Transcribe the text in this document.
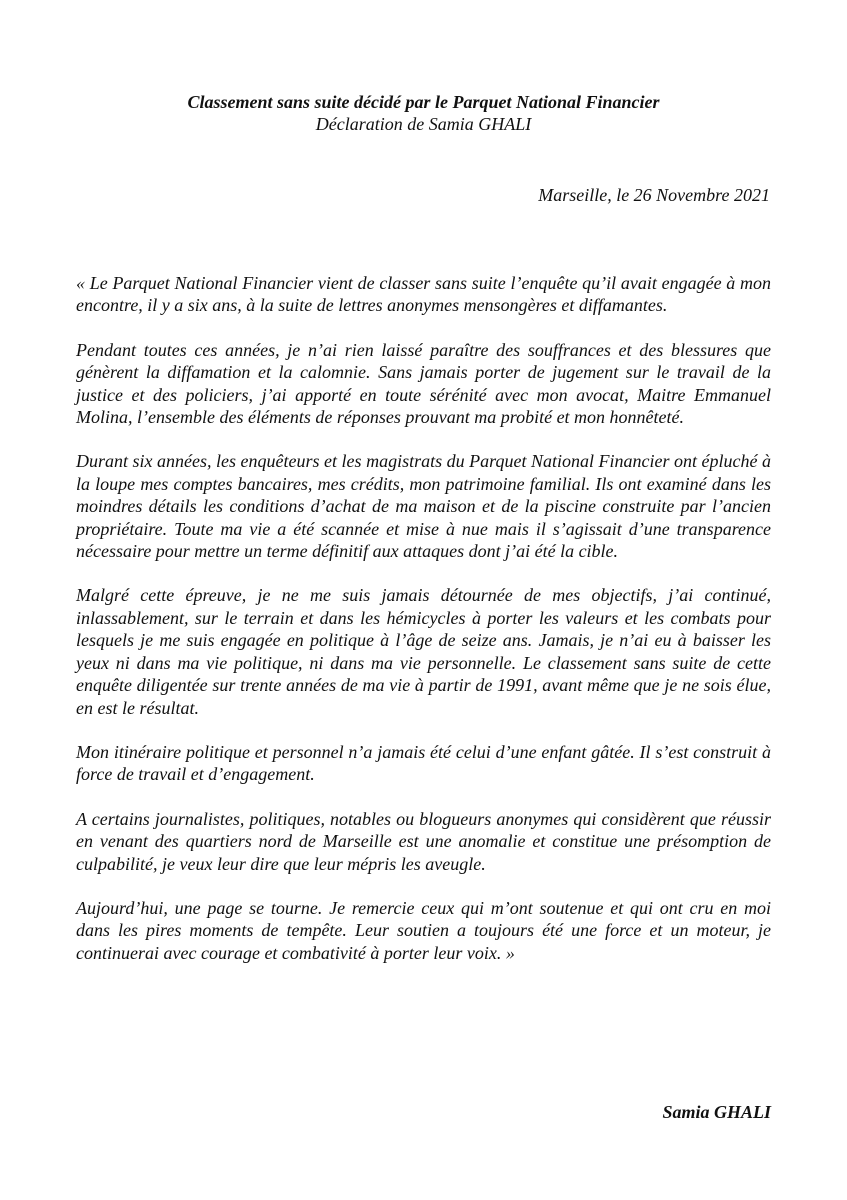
Classement sans suite décidé par le Parquet National Financier
Déclaration de Samia GHALI
Marseille, le 26 Novembre 2021

« Le Parquet National Financier vient de classer sans suite l’enquête qu’il avait engagée à mon encontre, il y a six ans, à la suite de lettres anonymes mensongères et diffamantes.

Pendant toutes ces années, je n’ai rien laissé paraître des souffrances et des blessures que génèrent la diffamation et la calomnie. Sans jamais porter de jugement sur le travail de la justice et des policiers, j’ai apporté en toute sérénité avec mon avocat, Maitre Emmanuel Molina, l’ensemble des éléments de réponses prouvant ma probité et mon honnêteté.

Durant six années, les enquêteurs et les magistrats du Parquet National Financier ont épluché à la loupe mes comptes bancaires, mes crédits, mon patrimoine familial. Ils ont examiné dans les moindres détails les conditions d’achat de ma maison et de la piscine construite par l’ancien propriétaire. Toute ma vie a été scannée et mise à nue mais il s’agissait d’une transparence nécessaire pour mettre un terme définitif aux attaques dont j’ai été la cible.

Malgré cette épreuve, je ne me suis jamais détournée de mes objectifs, j’ai continué, inlassablement, sur le terrain et dans les hémicycles à porter les valeurs et les combats pour lesquels je me suis engagée en politique à l’âge de seize ans. Jamais, je n’ai eu à baisser les yeux ni dans ma vie politique, ni dans ma vie personnelle. Le classement sans suite de cette enquête diligentée sur trente années de ma vie à partir de 1991, avant même que je ne sois élue, en est le résultat.

Mon itinéraire politique et personnel n’a jamais été celui d’une enfant gâtée. Il s’est construit à force de travail et d’engagement.

A certains journalistes, politiques, notables ou blogueurs anonymes qui considèrent que réussir en venant des quartiers nord de Marseille est une anomalie et constitue une présomption de culpabilité, je veux leur dire que leur mépris les aveugle.

Aujourd’hui, une page se tourne. Je remercie ceux qui m’ont soutenue et qui ont cru en moi dans les pires moments de tempête. Leur soutien a toujours été une force et un moteur, je continuerai avec courage et combativité à porter leur voix. »

Samia GHALI
